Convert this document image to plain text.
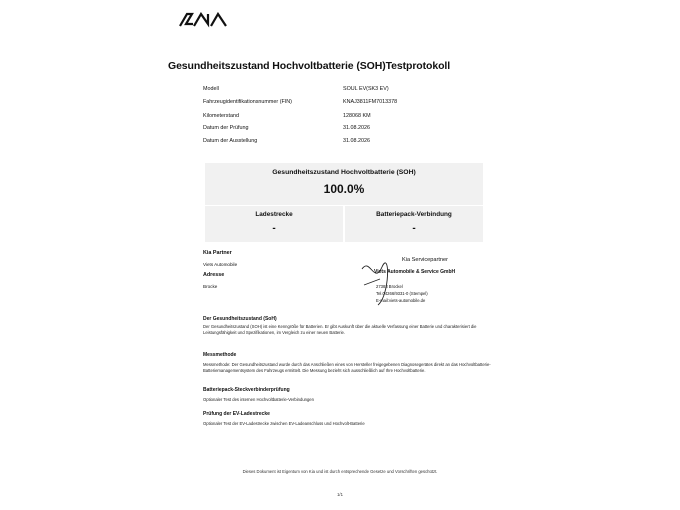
Gesundheitszustand Hochvoltbatterie (SOH)Testprotokoll
Modell	SOUL EV(SK3 EV)
Fahrzeugidentifikationsnummer (FIN)	KNAJ3811FM7013378
Kilometerstand	128068 KM
Datum der Prüfung	31.08.2026
Datum der Ausstellung	31.08.2026
Gesundheitszustand Hochvoltbatterie (SOH)
100.0%
Ladestrecke
-
Batteriepack-Verbindung
-
Kia Partner
Viets Automobile
Adresse
Brocke
Kia Servicepartner
Viets Automobile & Service GmbH
27383 Brockel
Tel.04266/9331-0 (Stempel)
E-mail:viets-automobile.de
Der Gesundheitszustand (SoH)
Der Gesundheitszustand (SOH) ist eine Kenngröße für Batterien. Er gibt Auskunft über die aktuelle Verfassung einer Batterie und charakterisiert die Leistungsfähigkeit und Spezifikationen, im Vergleich zu einer neuen Batterie.
Messmethode
Messmethode: Der Gesundheitszustand wurde durch das Anschließen eines von Hersteller freigegebenen Diagnosegerätes direkt an das Hochvoltbatterie-Batteriemanagementsystem des Fahrzeugs ermittelt. Die Messung bezieht sich ausschließlich auf Ihre Hochvoltbatterie.
Batteriepack-Steckverbinderprüfung
Optionaler Test des internen Hochvoltbatterie-Verbindungen
Prüfung der EV-Ladestrecke
Optionaler Test der EV-Ladestrecke zwischen EV-Ladeanschluss und Hochvolt-Batterie
Dieses Dokument ist Eigentum von Kia und ist durch entsprechende Gesetze und Vorschriften geschützt.
1/1
